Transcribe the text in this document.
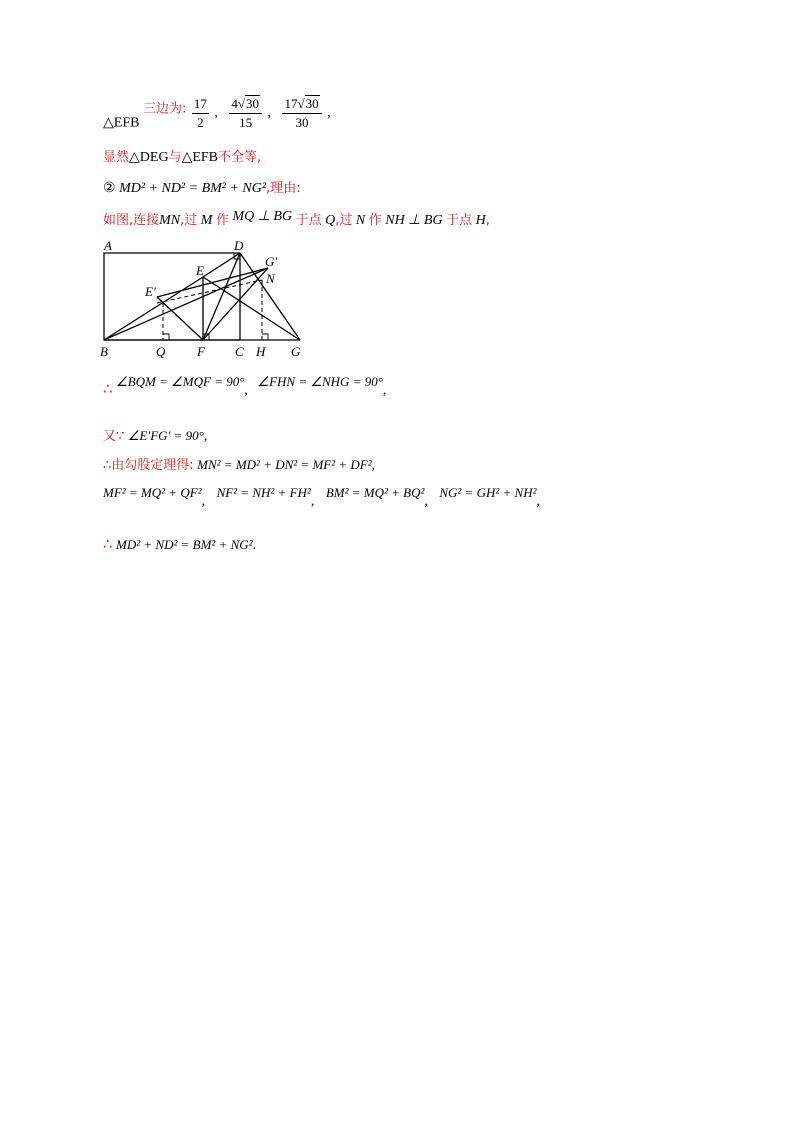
△EFB 三边为: $\frac{17}{2}$ , $\frac{4√30}{15}$ , $\frac{17√30}{30}$ ,
显然△DEG与△EFB不全等,
② MD² + ND² = BM² + NG²,理由:
如图,连接MN,过 M 作 MQ ⊥ BG 于点 Q,过 N 作 NH ⊥ BG 于点 H,
A	D
E
G′
E′
N
B	Q F C H G
∴ ∠BQM = ∠MQF = 90°, ∠FHN = ∠NHG = 90°,
又∵ ∠E′FG′ = 90°,
∴由勾股定理得: MN² = MD² + DN² = MF² + DF²,
MF² = MQ² + QF², NF² = NH² + FH², BM² = MQ² + BQ², NG² = GH² + NH²,
∴ MD² + ND² = BM² + NG².
